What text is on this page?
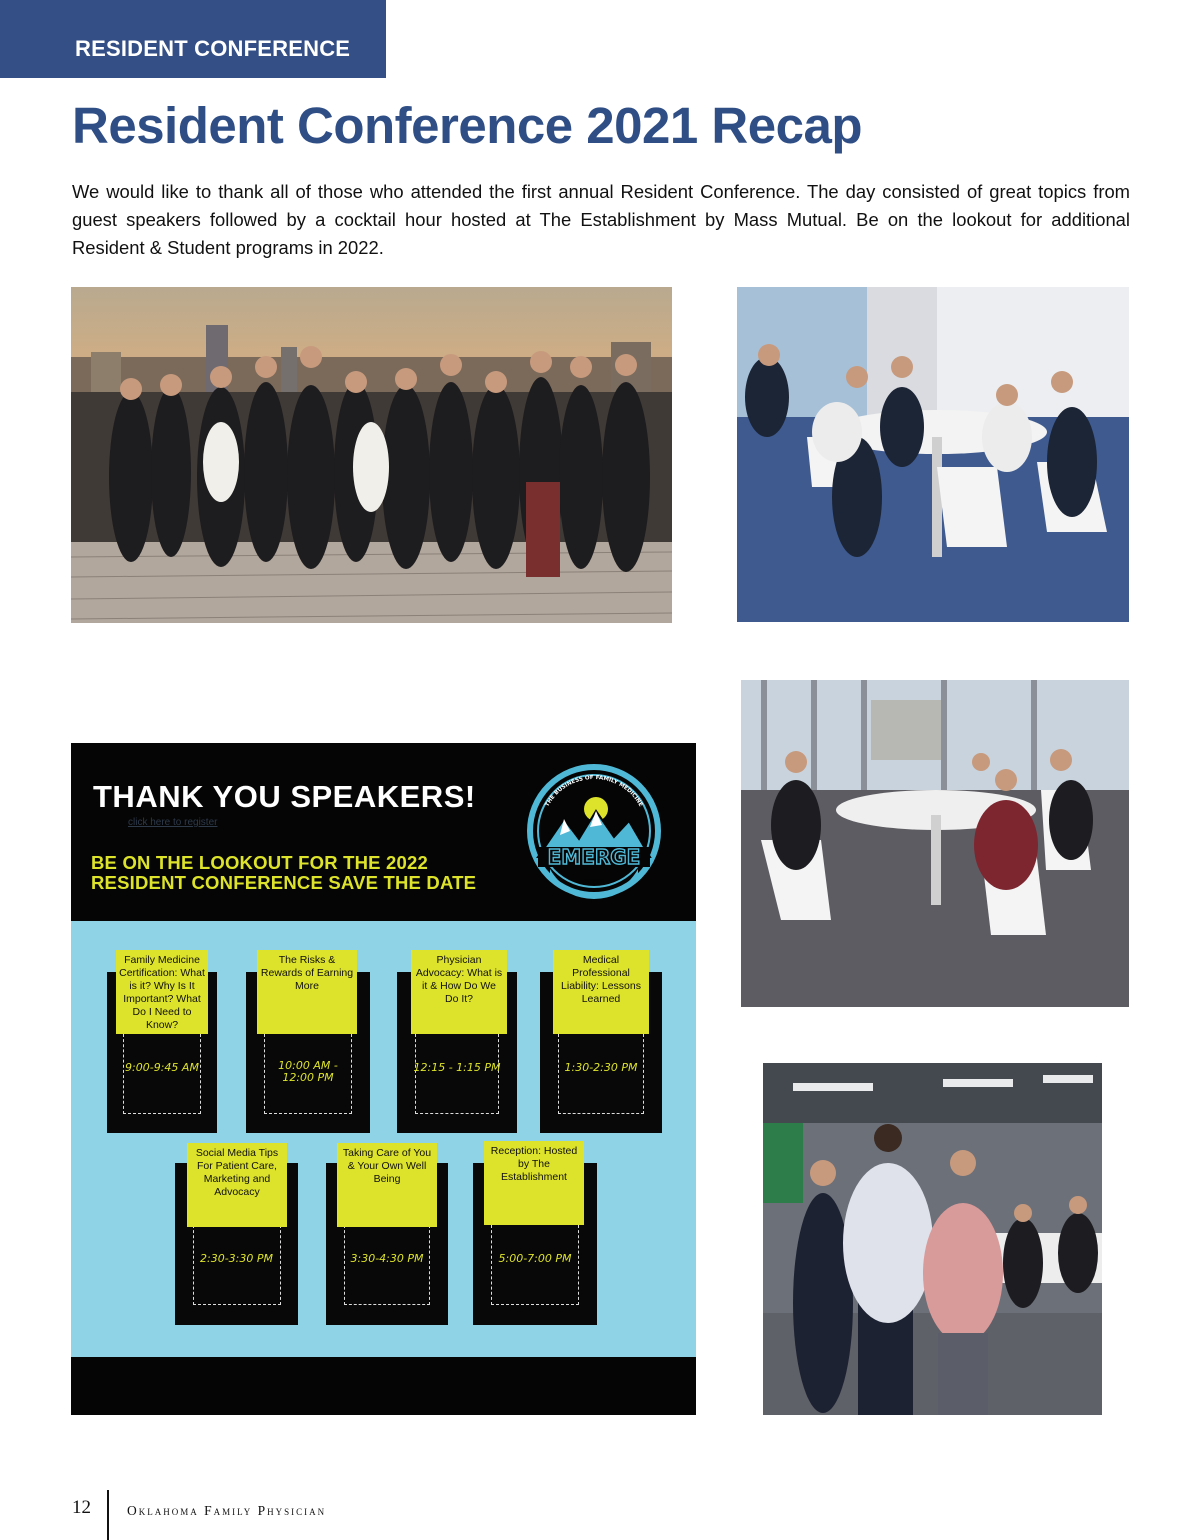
RESIDENT CONFERENCE
Resident Conference 2021 Recap
We would like to thank all of those who attended the first annual Resident Conference. The day consisted of great topics from guest speakers followed by a cocktail hour hosted at The Establishment by Mass Mutual. Be on the lookout for additional Resident & Student programs in 2022.
THANK YOU SPEAKERS!
click here to register
BE ON THE LOOKOUT FOR THE 2022 RESIDENT CONFERENCE SAVE THE DATE
EMERGE
2021
THE BUSINESS OF FAMILY MEDICINE
Family Medicine Certification: What is it? Why Is It Important? What Do I Need to Know?
9:00-9:45 AM
The Risks & Rewards of Earning More
10:00 AM - 12:00 PM
Physician Advocacy: What is it & How Do We Do It?
12:15 - 1:15 PM
Medical Professional Liability: Lessons Learned
1:30-2:30 PM
Social Media Tips For Patient Care, Marketing and Advocacy
2:30-3:30 PM
Taking Care of You & Your Own Well Being
3:30-4:30 PM
Reception: Hosted by The Establishment
5:00-7:00 PM
12	Oklahoma Family Physician
